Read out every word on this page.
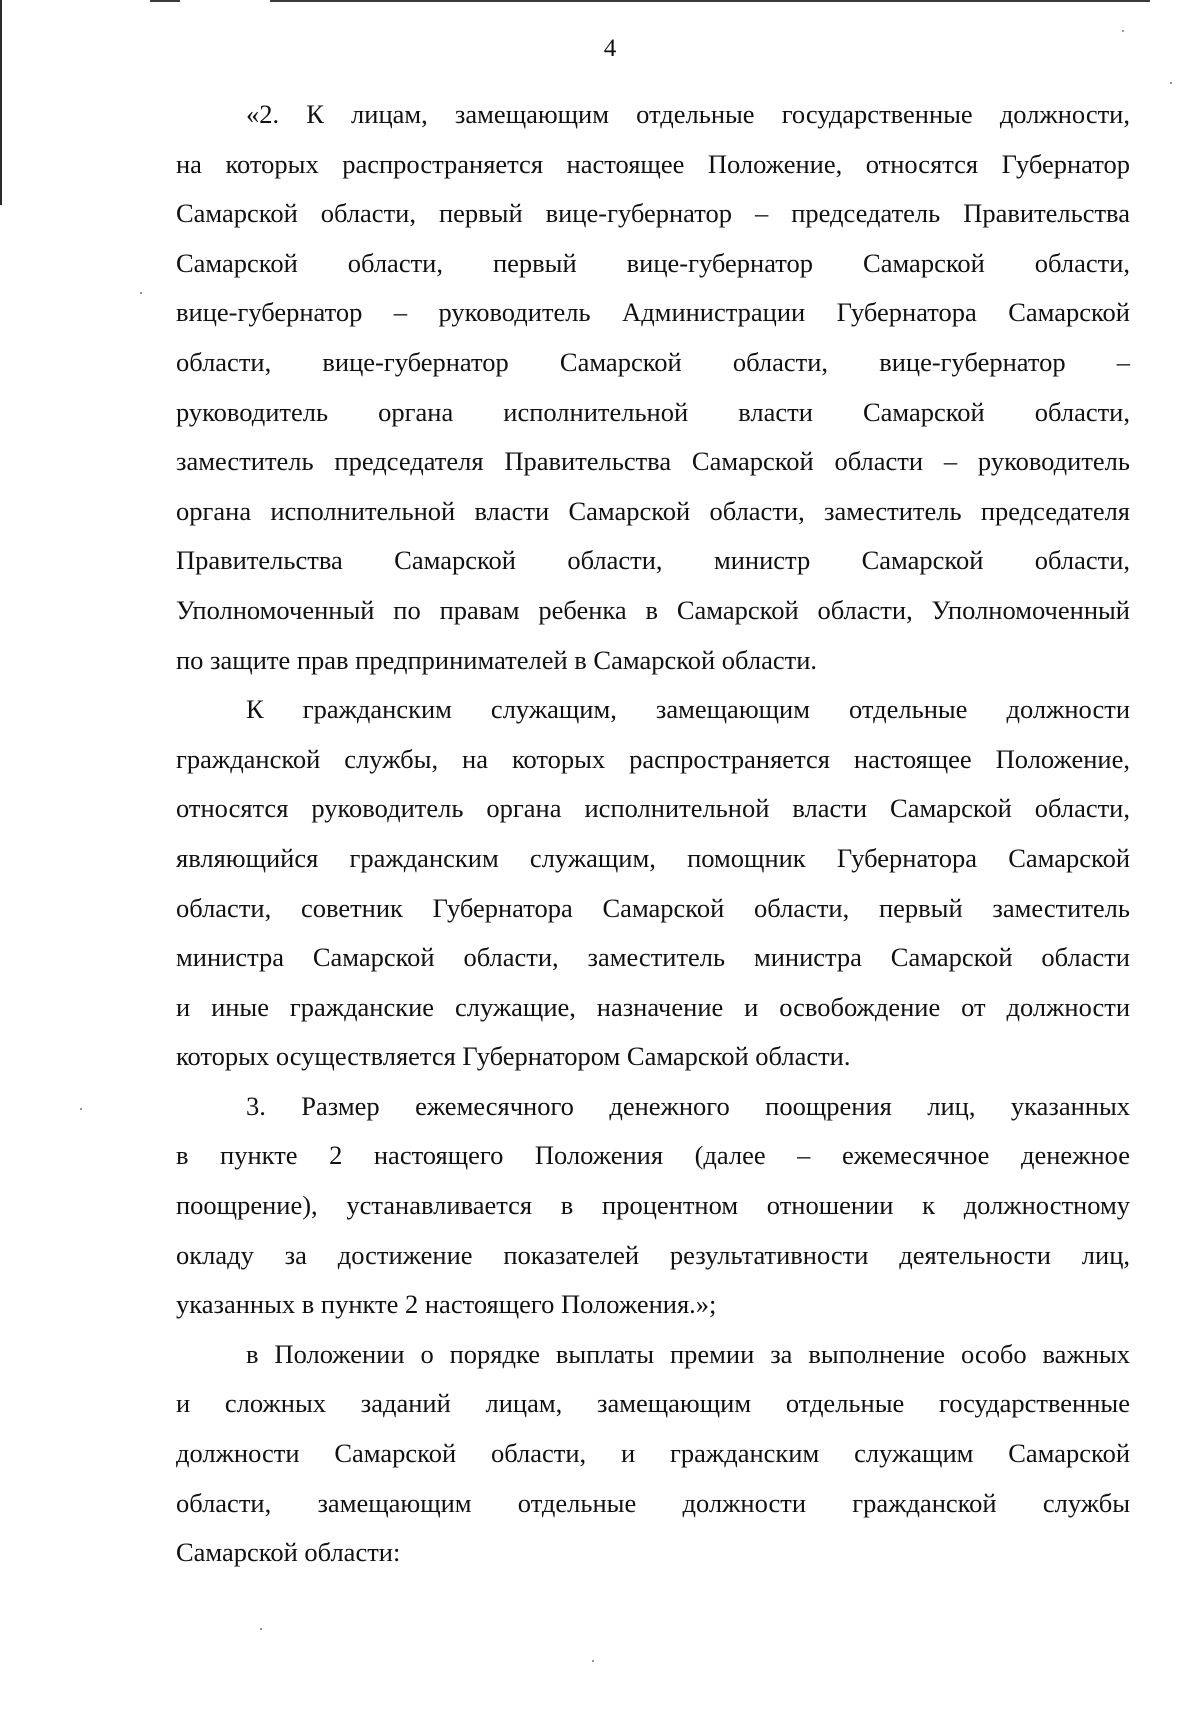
4
«2. К лицам, замещающим отдельные государственные должности,
на которых распространяется настоящее Положение, относятся Губернатор
Самарской области, первый вице-губернатор – председатель Правительства
Самарской области, первый вице-губернатор Самарской области,
вице-губернатор – руководитель Администрации Губернатора Самарской
области, вице-губернатор Самарской области, вице-губернатор –
руководитель органа исполнительной власти Самарской области,
заместитель председателя Правительства Самарской области – руководитель
органа исполнительной власти Самарской области, заместитель председателя
Правительства Самарской области, министр Самарской области,
Уполномоченный по правам ребенка в Самарской области, Уполномоченный
по защите прав предпринимателей в Самарской области.
К гражданским служащим, замещающим отдельные должности
гражданской службы, на которых распространяется настоящее Положение,
относятся руководитель органа исполнительной власти Самарской области,
являющийся гражданским служащим, помощник Губернатора Самарской
области, советник Губернатора Самарской области, первый заместитель
министра Самарской области, заместитель министра Самарской области
и иные гражданские служащие, назначение и освобождение от должности
которых осуществляется Губернатором Самарской области.
3. Размер ежемесячного денежного поощрения лиц, указанных
в пункте 2 настоящего Положения (далее – ежемесячное денежное
поощрение), устанавливается в процентном отношении к должностному
окладу за достижение показателей результативности деятельности лиц,
указанных в пункте 2 настоящего Положения.»;
в Положении о порядке выплаты премии за выполнение особо важных
и сложных заданий лицам, замещающим отдельные государственные
должности Самарской области, и гражданским служащим Самарской
области, замещающим отдельные должности гражданской службы
Самарской области:
